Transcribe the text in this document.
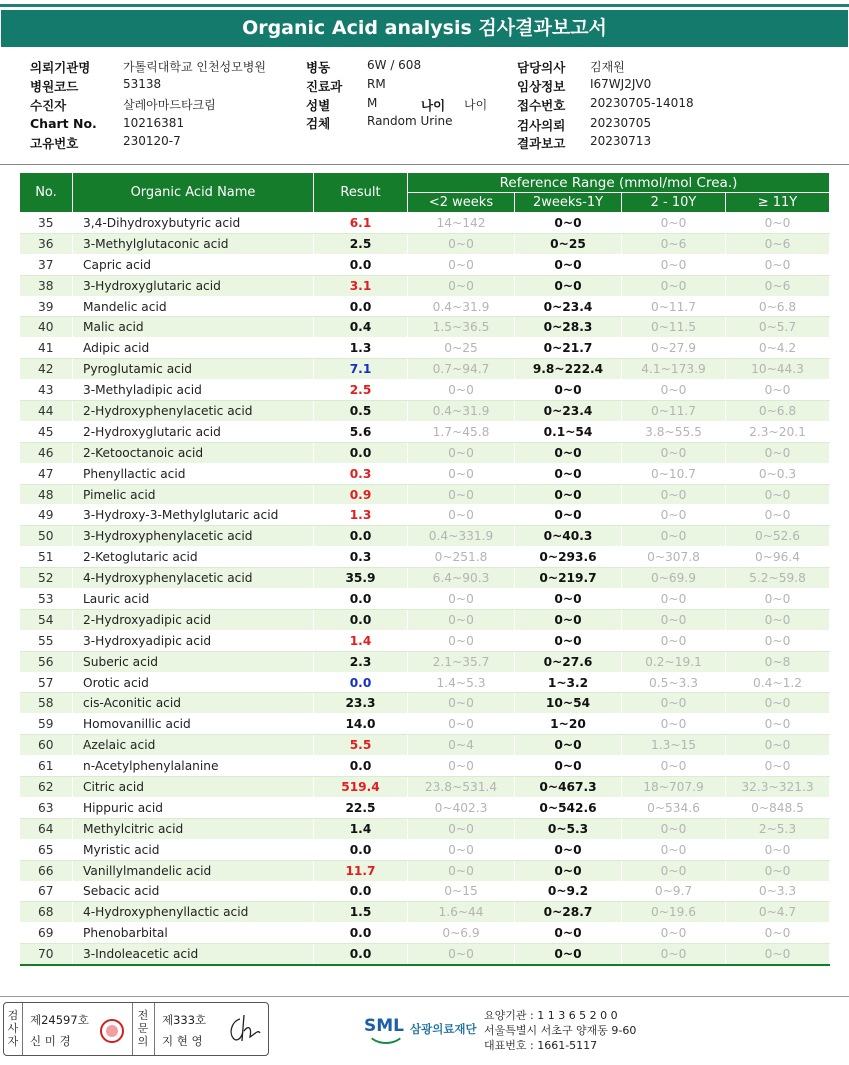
Organic Acid analysis 검사결과보고서
의뢰기관명	가톨릭대학교 인천성모병원
병원코드	53138
수진자	살레아마드타크림
Chart No. 10216381
고유번호	230120-7
병동	6W / 608
진료과 RM
성별	M	나이 나이
검체	Random Urine
담당의사 김재원
임상정보 I67WJ2JV0
접수번호 20230705-14018
검사의뢰 20230705
결과보고 20230713
No.	Organic Acid Name	Result	Reference Range (mmol/mol Crea.)			
			<2 weeks	2weeks-1Y	2 - 10Y	≥ 11Y
35	3,4-Dihydroxybutyric acid	6.1	14~142	0~0	0~0	0~0
36	3-Methylglutaconic acid	2.5	0~0	0~25	0~6	0~6
37	Capric acid	0.0	0~0	0~0	0~0	0~0
38	3-Hydroxyglutaric acid	3.1	0~0	0~0	0~0	0~6
39	Mandelic acid	0.0	0.4~31.9	0~23.4	0~11.7	0~6.8
40	Malic acid	0.4	1.5~36.5	0~28.3	0~11.5	0~5.7
41	Adipic acid	1.3	0~25	0~21.7	0~27.9	0~4.2
42	Pyroglutamic acid	7.1	0.7~94.7	9.8~222.4	4.1~173.9	10~44.3
43	3-Methyladipic acid	2.5	0~0	0~0	0~0	0~0
44	2-Hydroxyphenylacetic acid	0.5	0.4~31.9	0~23.4	0~11.7	0~6.8
45	2-Hydroxyglutaric acid	5.6	1.7~45.8	0.1~54	3.8~55.5	2.3~20.1
46	2-Ketooctanoic acid	0.0	0~0	0~0	0~0	0~0
47	Phenyllactic acid	0.3	0~0	0~0	0~10.7	0~0.3
48	Pimelic acid	0.9	0~0	0~0	0~0	0~0
49	3-Hydroxy-3-Methylglutaric acid	1.3	0~0	0~0	0~0	0~0
50	3-Hydroxyphenylacetic acid	0.0	0.4~331.9	0~40.3	0~0	0~52.6
51	2-Ketoglutaric acid	0.3	0~251.8	0~293.6	0~307.8	0~96.4
52	4-Hydroxyphenylacetic acid	35.9	6.4~90.3	0~219.7	0~69.9	5.2~59.8
53	Lauric acid	0.0	0~0	0~0	0~0	0~0
54	2-Hydroxyadipic acid	0.0	0~0	0~0	0~0	0~0
55	3-Hydroxyadipic acid	1.4	0~0	0~0	0~0	0~0
56	Suberic acid	2.3	2.1~35.7	0~27.6	0.2~19.1	0~8
57	Orotic acid	0.0	1.4~5.3	1~3.2	0.5~3.3	0.4~1.2
58	cis-Aconitic acid	23.3	0~0	10~54	0~0	0~0
59	Homovanillic acid	14.0	0~0	1~20	0~0	0~0
60	Azelaic acid	5.5	0~4	0~0	1.3~15	0~0
61	n-Acetylphenylalanine	0.0	0~0	0~0	0~0	0~0
62	Citric acid	519.4	23.8~531.4	0~467.3	18~707.9	32.3~321.3
63	Hippuric acid	22.5	0~402.3	0~542.6	0~534.6	0~848.5
64	Methylcitric acid	1.4	0~0	0~5.3	0~0	2~5.3
65	Myristic acid	0.0	0~0	0~0	0~0	0~0
66	Vanillylmandelic acid	11.7	0~0	0~0	0~0	0~0
67	Sebacic acid	0.0	0~15	0~9.2	0~9.7	0~3.3
68	4-Hydroxyphenyllactic acid	1.5	1.6~44	0~28.7	0~19.6	0~4.7
69	Phenobarbital	0.0	0~6.9	0~0	0~0	0~0
70	3-Indoleacetic acid	0.0	0~0	0~0	0~0	0~0
검
사
자
제24597호
신 미 경
전
문
의
제333호
지 현 영
SML 삼광의료재단
요양기관 : 1 1 3 6 5 2 0 0
서울특별시 서초구 양재동 9-60
대표번호 : 1661-5117
